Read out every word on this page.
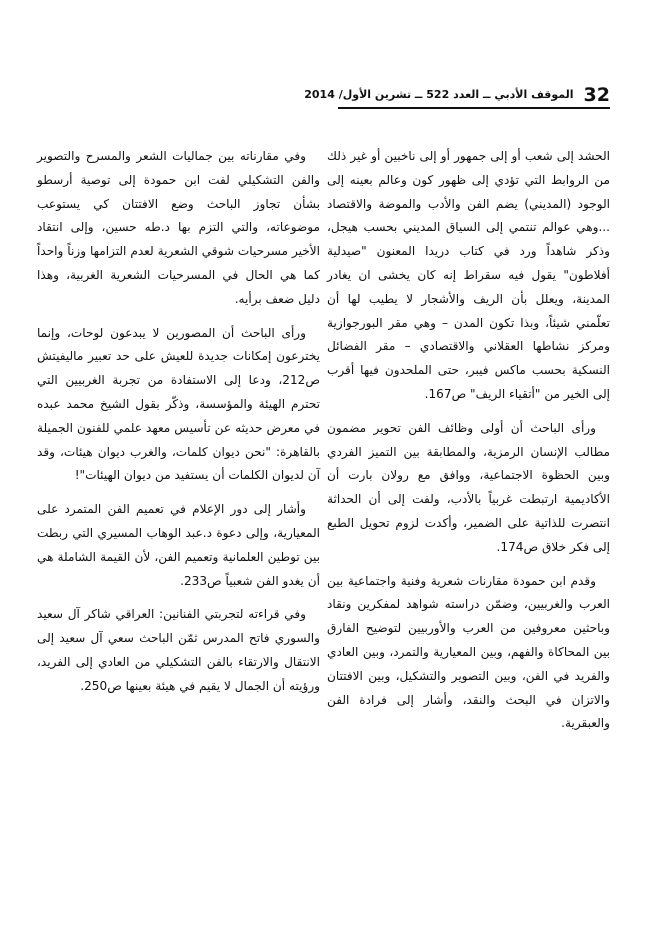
32
الموقف الأدبي ــ العدد 522 ــ تشرين الأول/ 2014

الحشد إلى شعب أو إلى جمهور أو إلى ناخبين أو غير ذلك من الروابط التي تؤدي إلى ظهور كون وعالم بعينه إلى الوجود (المديني) يضم الفن والأدب والموضة والاقتصاد ...وهي عوالم تنتمي إلى السياق المديني بحسب هيجل، وذكر شاهداً ورد في كتاب دريدا المعنون "صيدلية أفلاطون" يقول فيه سقراط إنه كان يخشى ان يغادر المدينة، ويعلل بأن الريف والأشجار لا يطيب لها أن تعلّمني شيئاً، وبذا تكون المدن – وهي مقر البورجوازية ومركز نشاطها العقلاني والاقتصادي – مقر الفضائل النسكية بحسب ماكس فيبر، حتى الملحدون فيها أقرب إلى الخير من "أتقياء الريف" ص167.

ورأى الباحث أن أولى وظائف الفن تحوير مضمون مطالب الإنسان الرمزية، والمطابقة بين التميز الفردي وبين الحظوة الاجتماعية، ووافق مع رولان بارت أن الأكاديمية ارتبطت غربياً بالأدب، ولفت إلى أن الحداثة انتصرت للذاتية على الضمير، وأكدت لزوم تحويل الطبع إلى فكر خلاق ص174.

وقدم ابن حمودة مقارنات شعرية وفنية واجتماعية بين العرب والغربيين، وضمّن دراسته شواهد لمفكرين ونقاد وباحثين معروفين من العرب والأوربيين لتوضيح الفارق بين المحاكاة والفهم، وبين المعيارية والتمرد، وبين العادي والفريد في الفن، وبين التصوير والتشكيل، وبين الافتتان والاتزان في البحث والنقد، وأشار إلى فرادة الفن والعبقرية.

وفي مقارناته بين جماليات الشعر والمسرح والتصوير والفن التشكيلي لفت ابن حمودة إلى توصية أرسطو بشأن تجاوز الباحث وضع الافتتان كي يستوعب موضوعاته، والتي التزم بها د.طه حسين، وإلى انتقاد الأخير مسرحيات شوقي الشعرية لعدم التزامها وزناً واحداً كما هي الحال في المسرحيات الشعرية الغربية، وهذا دليل ضعف برأيه.

ورأى الباحث أن المصورين لا يبدعون لوحات، وإنما يخترعون إمكانات جديدة للعيش على حد تعبير ماليفيتش ص212، ودعا إلى الاستفادة من تجربة الغربيين التي تحترم الهيئة والمؤسسة، وذكّر بقول الشيخ محمد عبده في معرض حديثه عن تأسيس معهد علمي للفنون الجميلة بالقاهرة: "نحن ديوان كلمات، والغرب ديوان هيئات، وقد آن لديوان الكلمات أن يستفيد من ديوان الهيئات"!

وأشار إلى دور الإعلام في تعميم الفن المتمرد على المعيارية، وإلى دعوة د.عبد الوهاب المسيري التي ربطت بين توطين العلمانية وتعميم الفن، لأن القيمة الشاملة هي أن يغدو الفن شعبياً ص233.

وفي قراءته لتجربتي الفنانين: العراقي شاكر آل سعيد والسوري فاتح المدرس ثمّن الباحث سعي آل سعيد إلى الانتقال والارتقاء بالفن التشكيلي من العادي إلى الفريد، ورؤيته أن الجمال لا يقيم في هيئة بعينها ص250.
